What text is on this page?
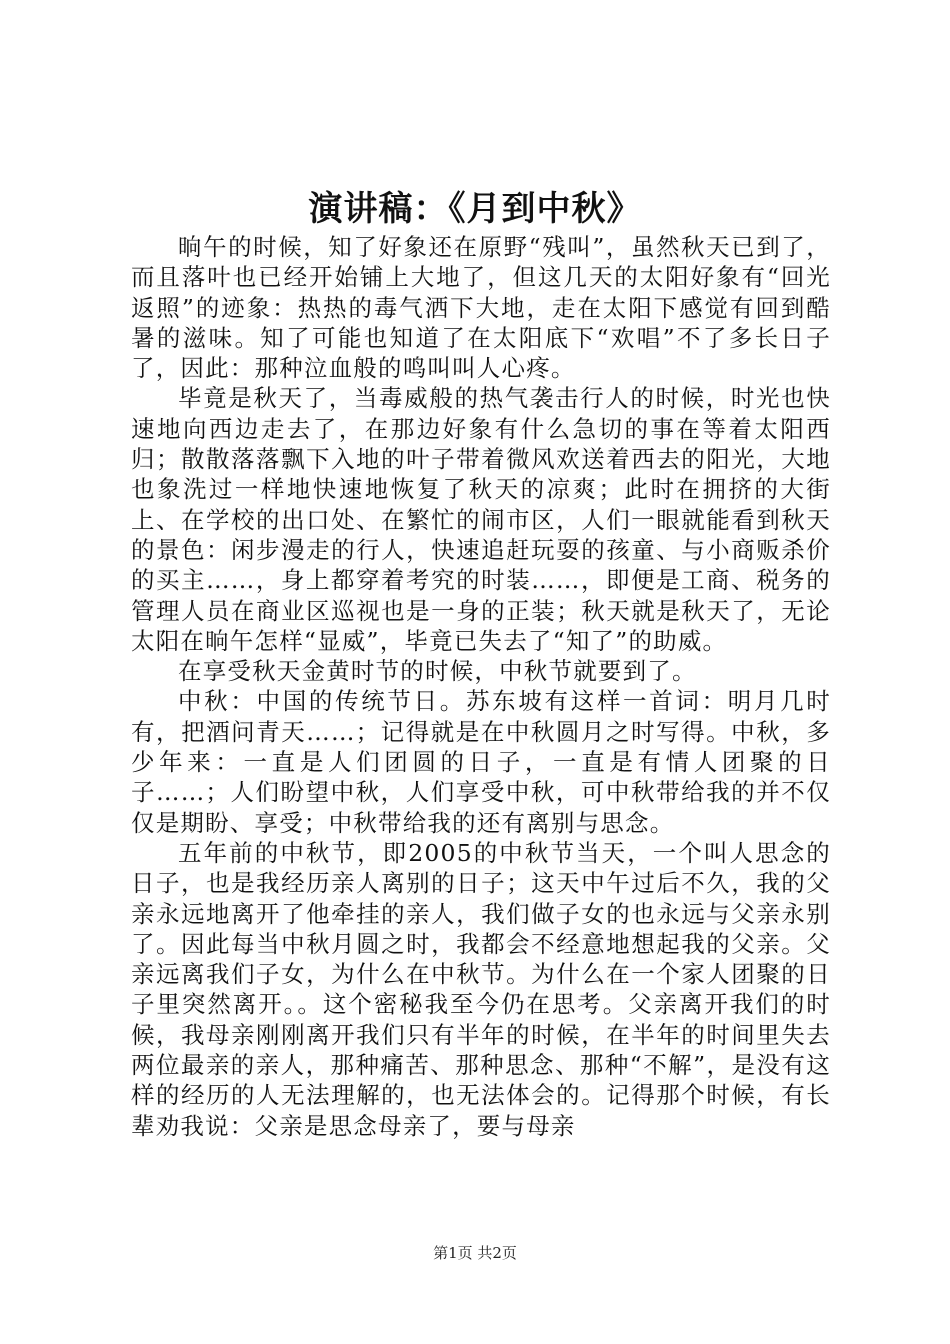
演讲稿：《月到中秋》

晌午的时候，知了好象还在原野“残叫”，虽然秋天已到了，而且落叶也已经开始铺上大地了，但这几天的太阳好象有“回光返照”的迹象：热热的毒气洒下大地，走在太阳下感觉有回到酷暑的滋味。知了可能也知道了在太阳底下“欢唱”不了多长日子了，因此：那种泣血般的鸣叫叫人心疼。

毕竟是秋天了，当毒威般的热气袭击行人的时候，时光也快速地向西边走去了，在那边好象有什么急切的事在等着太阳西归；散散落落飘下入地的叶子带着微风欢送着西去的阳光，大地也象洗过一样地快速地恢复了秋天的凉爽；此时在拥挤的大街上、在学校的出口处、在繁忙的闹市区，人们一眼就能看到秋天的景色：闲步漫走的行人，快速追赶玩耍的孩童、与小商贩杀价的买主……，身上都穿着考究的时装……，即便是工商、税务的管理人员在商业区巡视也是一身的正装；秋天就是秋天了，无论太阳在晌午怎样“显威”，毕竟已失去了“知了”的助威。

在享受秋天金黄时节的时候，中秋节就要到了。

中秋：中国的传统节日。苏东坡有这样一首词：明月几时有，把酒问青天……；记得就是在中秋圆月之时写得。中秋，多少年来：一直是人们团圆的日子，一直是有情人团聚的日子……；人们盼望中秋，人们享受中秋，可中秋带给我的并不仅仅是期盼、享受；中秋带给我的还有离别与思念。

五年前的中秋节，即2005的中秋节当天，一个叫人思念的日子，也是我经历亲人离别的日子；这天中午过后不久，我的父亲永远地离开了他牵挂的亲人，我们做子女的也永远与父亲永别了。因此每当中秋月圆之时，我都会不经意地想起我的父亲。父亲远离我们子女，为什么在中秋节。为什么在一个家人团聚的日子里突然离开。。这个密秘我至今仍在思考。父亲离开我们的时候，我母亲刚刚离开我们只有半年的时候，在半年的时间里失去两位最亲的亲人，那种痛苦、那种思念、那种“不解”，是没有这样的经历的人无法理解的，也无法体会的。记得那个时候，有长辈劝我说：父亲是思念母亲了，要与母亲

第1页 共2页
